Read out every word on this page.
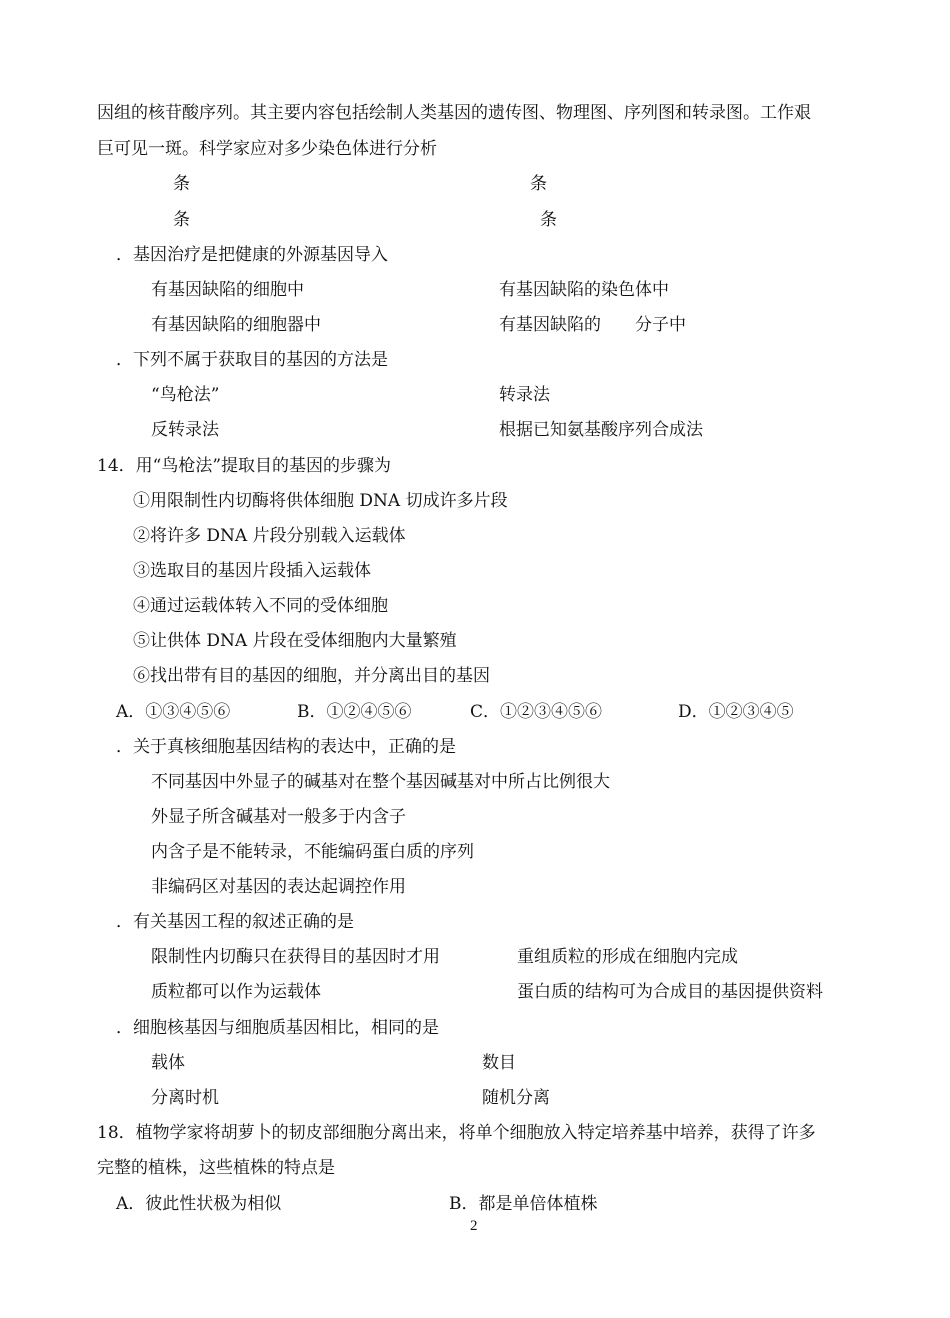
因组的核苷酸序列。其主要内容包括绘制人类基因的遗传图、物理图、序列图和转录图。工作艰
巨可见一斑。科学家应对多少染色体进行分析
条	条
条	条
．基因治疗是把健康的外源基因导入
有基因缺陷的细胞中	有基因缺陷的染色体中
有基因缺陷的细胞器中	有基因缺陷的　　分子中
．下列不属于获取目的基因的方法是
“鸟枪法”	转录法
反转录法	根据已知氨基酸序列合成法
14．用“鸟枪法”提取目的基因的步骤为
①用限制性内切酶将供体细胞 DNA 切成许多片段
②将许多 DNA 片段分别载入运载体
③选取目的基因片段插入运载体
④通过运载体转入不同的受体细胞
⑤让供体 DNA 片段在受体细胞内大量繁殖
⑥找出带有目的基因的细胞，并分离出目的基因
A．①③④⑤⑥	B．①②④⑤⑥	C．①②③④⑤⑥	D．①②③④⑤
．关于真核细胞基因结构的表达中，正确的是
不同基因中外显子的碱基对在整个基因碱基对中所占比例很大
外显子所含碱基对一般多于内含子
内含子是不能转录，不能编码蛋白质的序列
非编码区对基因的表达起调控作用
．有关基因工程的叙述正确的是
限制性内切酶只在获得目的基因时才用	重组质粒的形成在细胞内完成
质粒都可以作为运载体	蛋白质的结构可为合成目的基因提供资料
．细胞核基因与细胞质基因相比，相同的是
载体	数目
分离时机	随机分离
18．植物学家将胡萝卜的韧皮部细胞分离出来，将单个细胞放入特定培养基中培养，获得了许多
完整的植株，这些植株的特点是
A．彼此性状极为相似	B．都是单倍体植株
2
